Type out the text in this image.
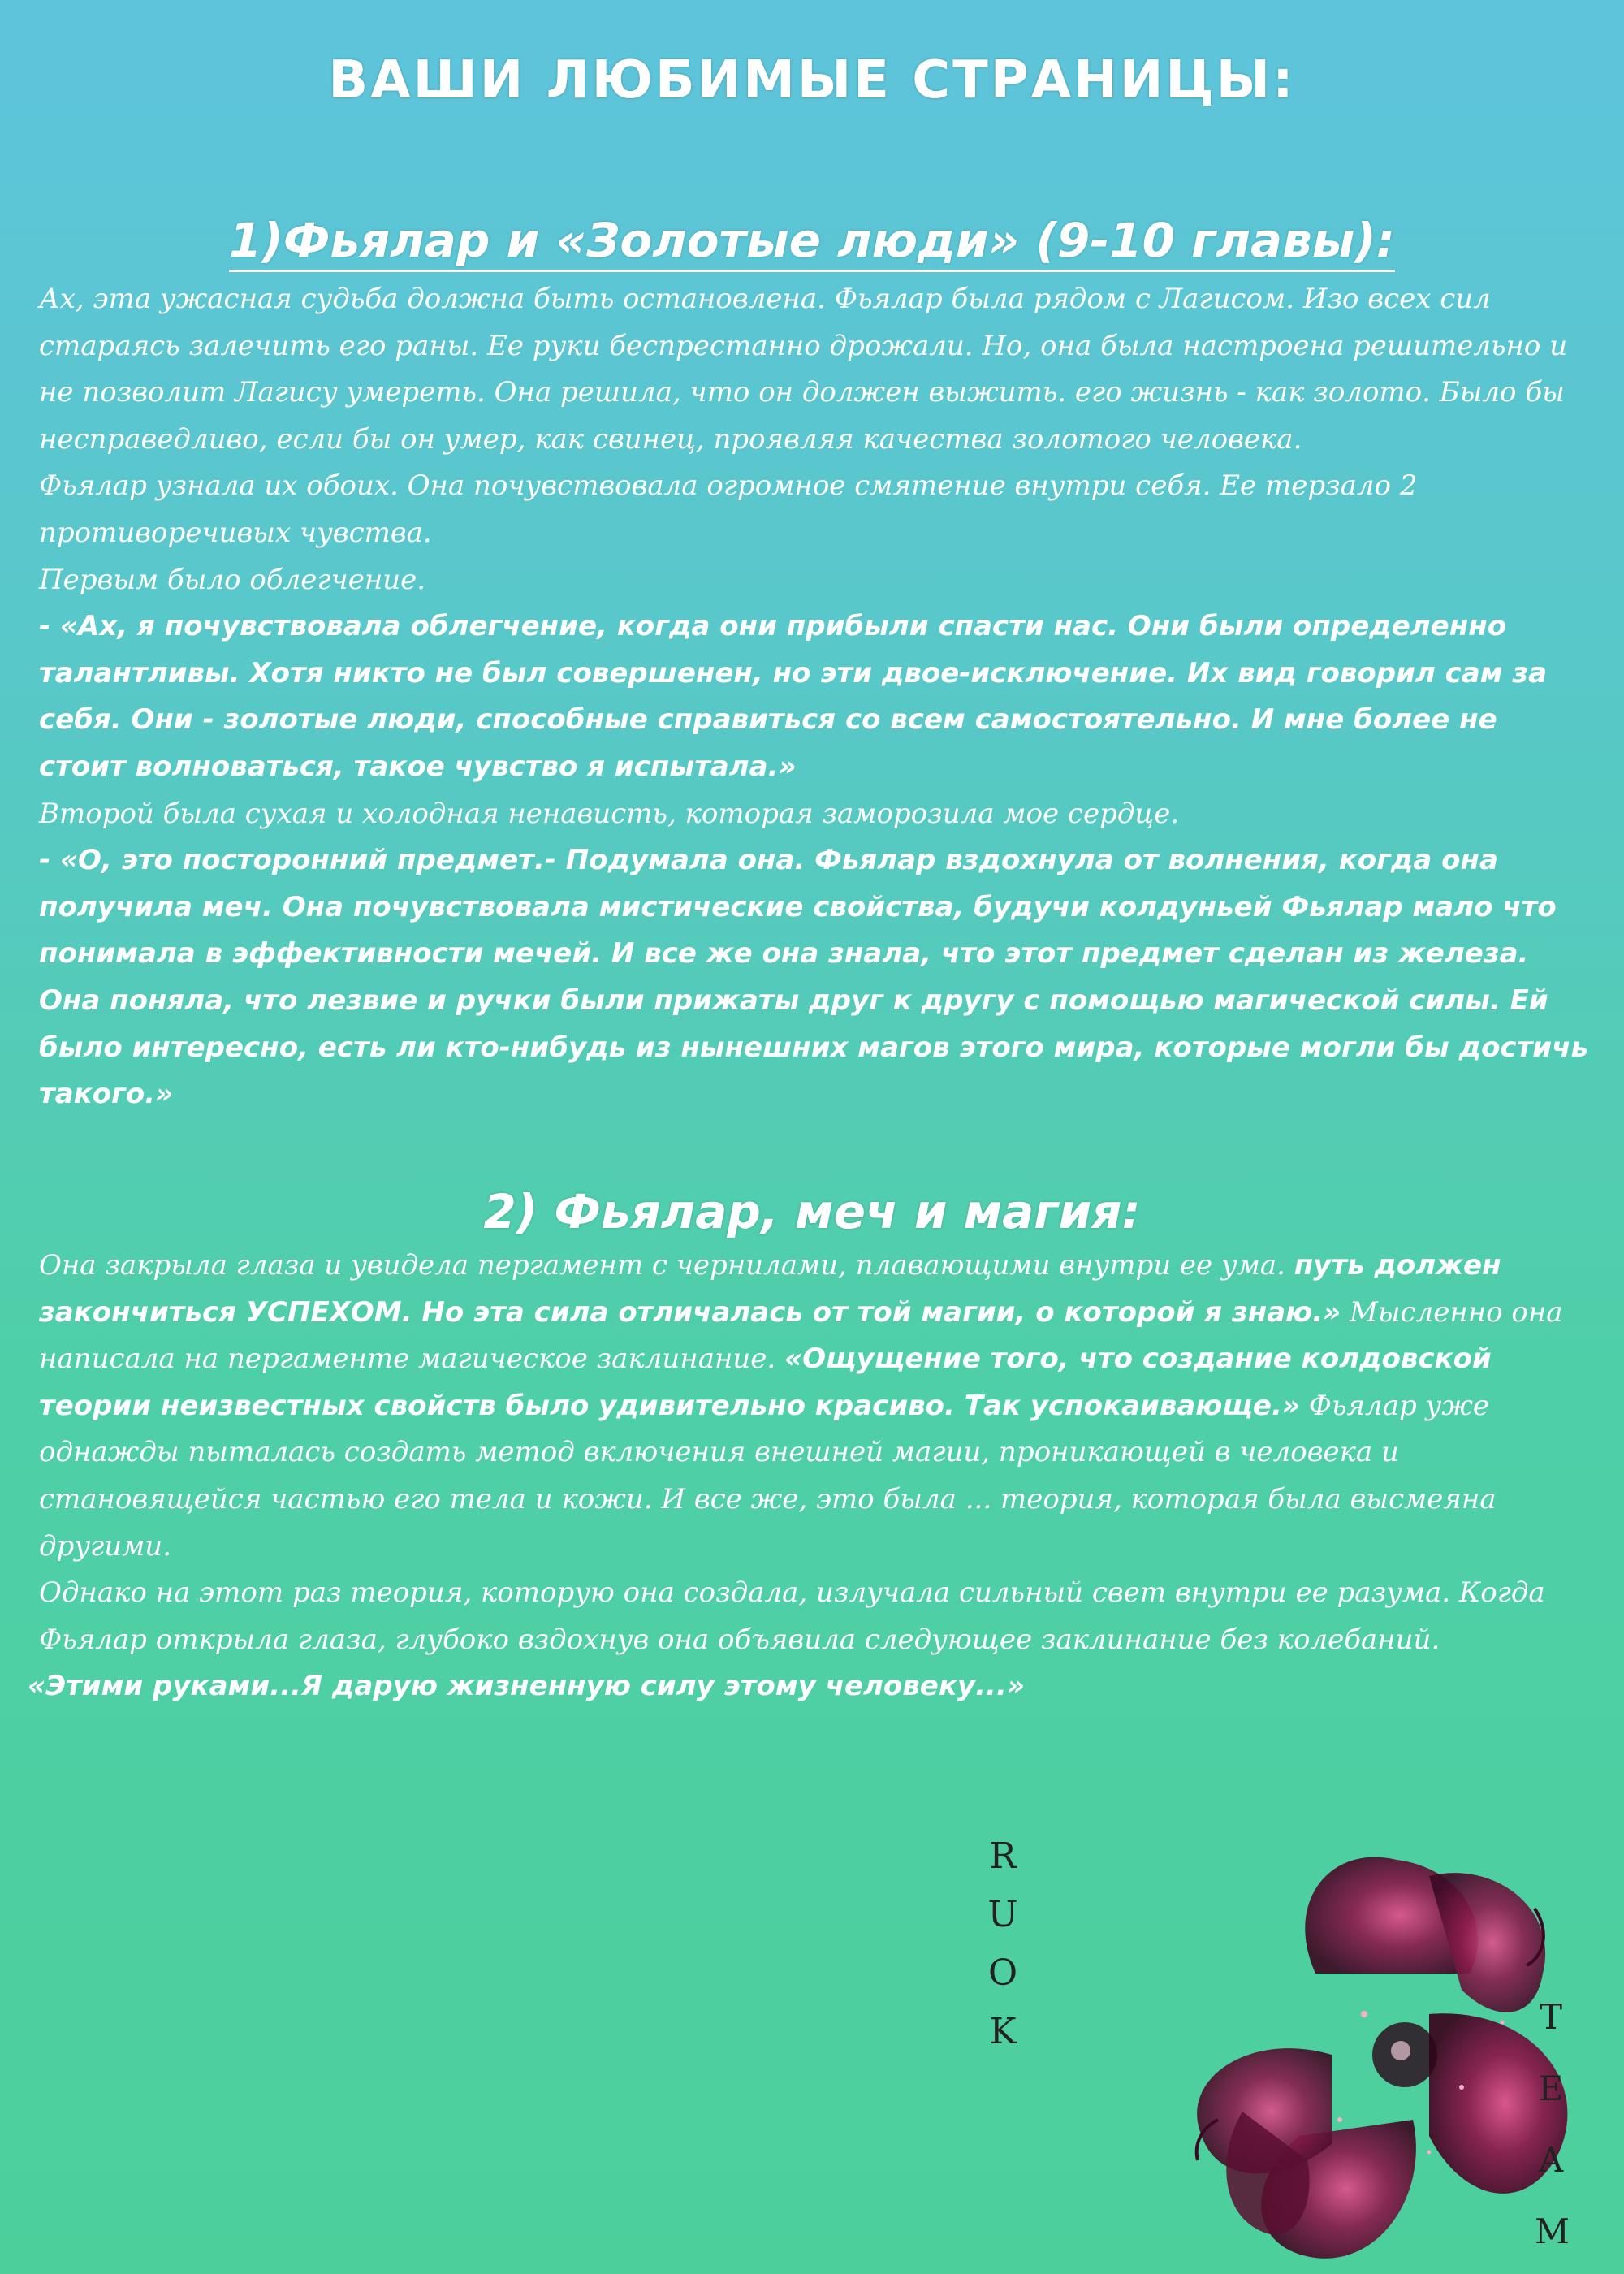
ВАШИ ЛЮБИМЫЕ СТРАНИЦЫ:
1)Фьялар и «Золотые люди» (9-10 главы):

Ах, эта ужасная судьба должна быть остановлена. Фьялар была рядом с Лагисом. Изо всех сил стараясь залечить его раны. Ее руки беспрестанно дрожали. Но, она была настроена решительно и не позволит Лагису умереть. Она решила, что он должен выжить. его жизнь - как золото. Было бы несправедливо, если бы он умер, как свинец, проявляя качества золотого человека.

Фьялар узнала их обоих. Она почувствовала огромное смятение внутри себя. Ее терзало 2 противоречивых чувства.

Первым было облегчение.

- «Ах, я почувствовала облегчение, когда они прибыли спасти нас. Они были определенно талантливы. Хотя никто не был совершенен, но эти двое-исключение. Их вид говорил сам за себя. Они - золотые люди, способные справиться со всем самостоятельно. И мне более не стоит волноваться, такое чувство я испытала.»

Второй была сухая и холодная ненависть, которая заморозила мое сердце.

- «О, это посторонний предмет.- Подумала она. Фьялар вздохнула от волнения, когда она получила меч. Она почувствовала мистические свойства, будучи колдуньей Фьялар мало что понимала в эффективности мечей. И все же она знала, что этот предмет сделан из железа. Она поняла, что лезвие и ручки были прижаты друг к другу с помощью магической силы. Ей было интересно, есть ли кто-нибудь из нынешних магов этого мира, которые могли бы достичь такого.»

2) Фьялар, меч и магия:

Она закрыла глаза и увидела пергамент с чернилами, плавающими внутри ее ума. путь должен закончиться УСПЕХОМ. Но эта сила отличалась от той магии, о которой я знаю.» Мысленно она написала на пергаменте магическое заклинание. «Ощущение того, что создание колдовской теории неизвестных свойств было удивительно красиво. Так успокаивающе.» Фьялар уже однажды пыталась создать метод включения внешней магии, проникающей в человека и становящейся частью его тела и кожи. И все же, это была ... теория, которая была высмеяна другими.

Однако на этот раз теория, которую она создала, излучала сильный свет внутри ее разума. Когда Фьялар открыла глаза, глубоко вздохнув она объявила следующее заклинание без колебаний.

«Этими руками...Я дарую жизненную силу этому человеку...»

R
U
O
K	T
E
A
M
